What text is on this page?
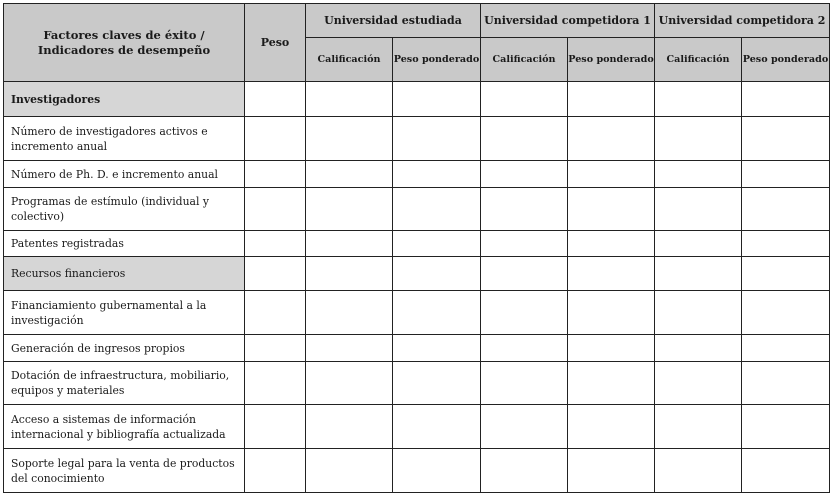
Factores claves de éxito /
Indicadores de desempeño	Peso	Universidad estudiada		Universidad competidora 1		Universidad competidora 2	
		Calificación	Peso ponderado	Calificación	Peso ponderado	Calificación	Peso ponderado
Investigadores							
Número de investigadores activos e incremento anual							
Número de Ph. D. e incremento anual							
Programas de estímulo (individual y colectivo)							
Patentes registradas							
Recursos financieros							
Financiamiento gubernamental a la investigación							
Generación de ingresos propios							
Dotación de infraestructura, mobiliario, equipos y materiales							
Acceso a sistemas de información internacional y bibliografía actualizada							
Soporte legal para la venta de productos del conocimiento							
